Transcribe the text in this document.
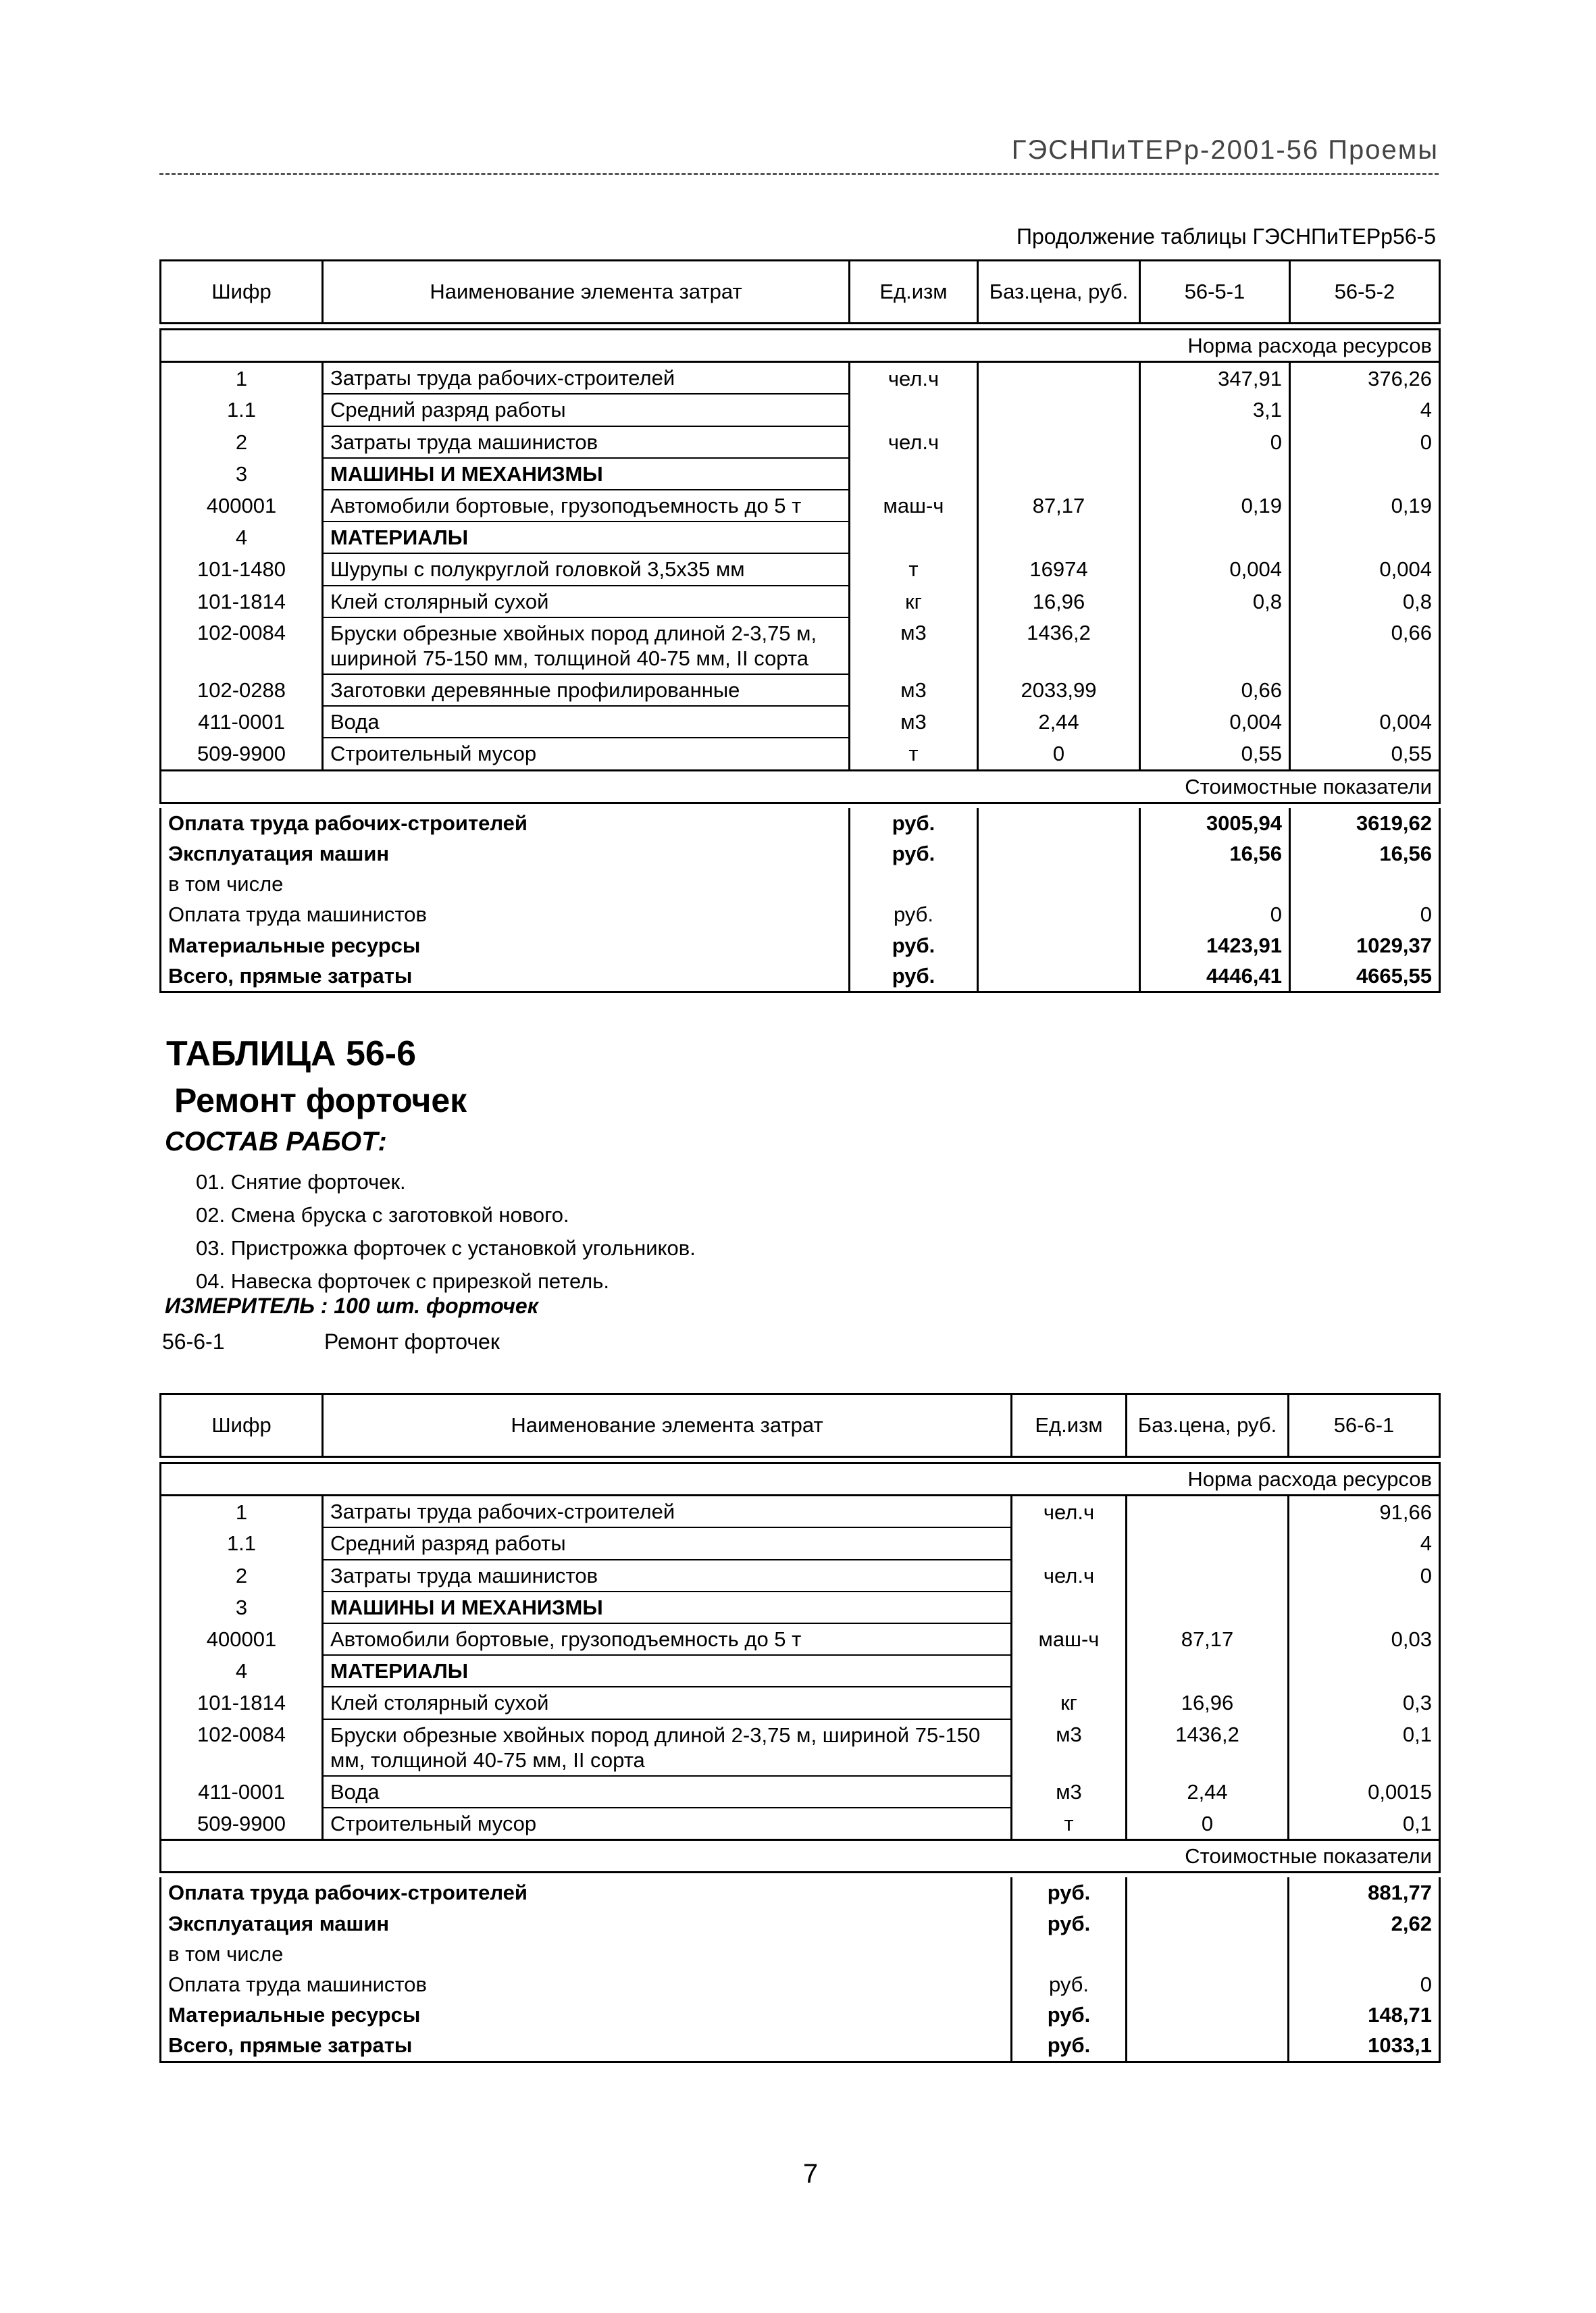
ГЭСНПиТЕРр-2001-56 Проемы
Продолжение таблицы ГЭСНПиТЕРр56-5
Шифр	Наименование элемента затрат	Ед.изм	Баз.цена, руб.	56-5-1	56-5-2

Норма расхода ресурсов					
1	Затраты труда рабочих-строителей	чел.ч		347,91	376,26
1.1	Средний разряд работы			3,1	4
2	Затраты труда машинистов	чел.ч		0	0
3	МАШИНЫ И МЕХАНИЗМЫ				
400001	Автомобили бортовые, грузоподъемность до 5 т	маш-ч	87,17	0,19	0,19
4	МАТЕРИАЛЫ				
101-1480	Шурупы с полукруглой головкой 3,5х35 мм	т	16974	0,004	0,004
101-1814	Клей столярный сухой	кг	16,96	0,8	0,8
102-0084	Бруски обрезные хвойных пород длиной 2-3,75 м, шириной 75-150 мм, толщиной 40-75 мм, II сорта	м3	1436,2		0,66
102-0288	Заготовки деревянные профилированные	м3	2033,99	0,66	
411-0001	Вода	м3	2,44	0,004	0,004
509-9900	Строительный мусор	т	0	0,55	0,55
Стоимостные показатели					

Оплата труда рабочих-строителей		руб.		3005,94	3619,62
Эксплуатация машин		руб.		16,56	16,56
в том числе					
Оплата труда машинистов		руб.		0	0
Материальные ресурсы		руб.		1423,91	1029,37
Всего, прямые затраты		руб.		4446,41	4665,55
ТАБЛИЦА 56-6
Ремонт форточек
СОСТАВ РАБОТ:
01. Снятие форточек.
02. Смена бруска с заготовкой нового.
03. Пристрожка форточек с установкой угольников.
04. Навеска форточек с прирезкой петель.
ИЗМЕРИТЕЛЬ : 100 шт. форточек
56-6-1	Ремонт форточек
Шифр	Наименование элемента затрат	Ед.изм	Баз.цена, руб.	56-6-1

Норма расхода ресурсов				
1	Затраты труда рабочих-строителей	чел.ч		91,66
1.1	Средний разряд работы			4
2	Затраты труда машинистов	чел.ч		0
3	МАШИНЫ И МЕХАНИЗМЫ			
400001	Автомобили бортовые, грузоподъемность до 5 т	маш-ч	87,17	0,03
4	МАТЕРИАЛЫ			
101-1814	Клей столярный сухой	кг	16,96	0,3
102-0084	Бруски обрезные хвойных пород длиной 2-3,75 м, шириной 75-150 мм, толщиной 40-75 мм, II сорта	м3	1436,2	0,1
411-0001	Вода	м3	2,44	0,0015
509-9900	Строительный мусор	т	0	0,1
Стоимостные показатели				

Оплата труда рабочих-строителей		руб.		881,77
Эксплуатация машин		руб.		2,62
в том числе				
Оплата труда машинистов		руб.		0
Материальные ресурсы		руб.		148,71
Всего, прямые затраты		руб.		1033,1
7
